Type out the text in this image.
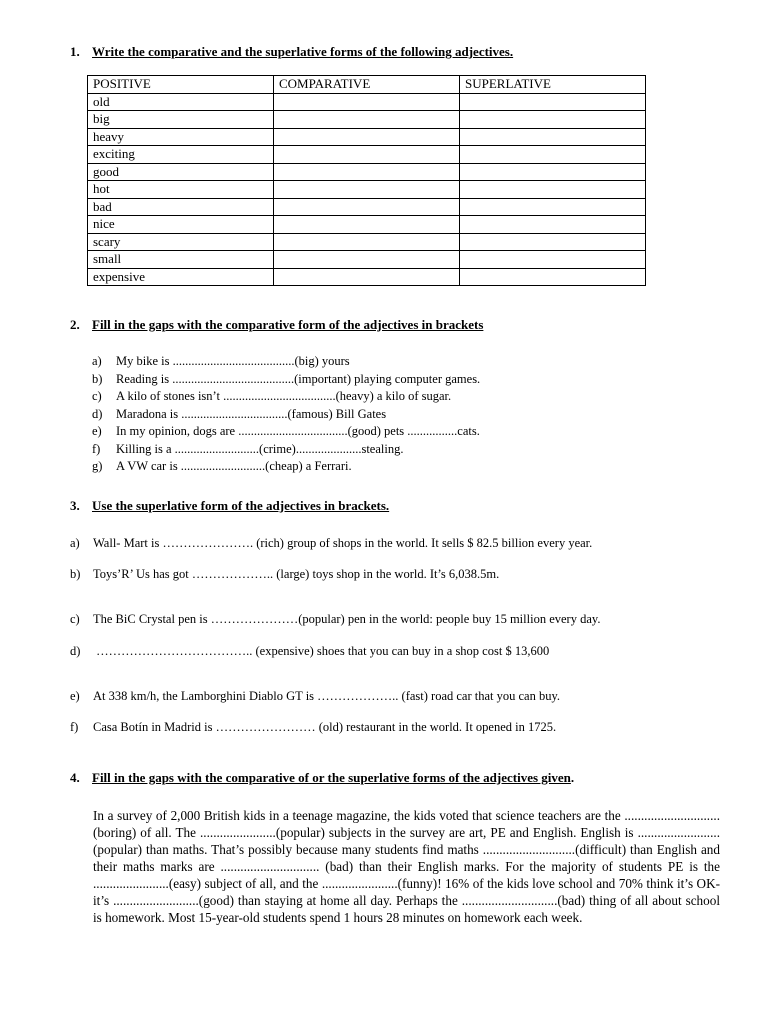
1. Write the comparative and the superlative forms of the following adjectives.
POSITIVE	COMPARATIVE	SUPERLATIVE
old		
big		
heavy		
exciting		
good		
hot		
bad		
nice		
scary		
small		
expensive		
2. Fill in the gaps with the comparative form of the adjectives in brackets
a) My bike is .......................................(big) yours
b) Reading is .......................................(important) playing computer games.
c) A kilo of stones isn’t ....................................(heavy) a kilo of sugar.
d) Maradona is ..................................(famous) Bill Gates
e) In my opinion, dogs are ...................................(good) pets ................cats.
f) Killing is a ...........................(crime).....................stealing.
g) A VW car is ...........................(cheap) a Ferrari.
3. Use the superlative form of the adjectives in brackets.
a) Wall- Mart is …………………. (rich) group of shops in the world. It sells $ 82.5 billion every year.
b) Toys’R’ Us has got ……………….. (large) toys shop in the world. It’s 6,038.5m.
c) The BiC Crystal pen is …………………(popular) pen in the world: people buy 15 million every day.
d) ……………………………….. (expensive) shoes that you can buy in a shop cost $ 13,600
e) At 338 km/h, the Lamborghini Diablo GT is ……………….. (fast) road car that you can buy.
f) Casa Botín in Madrid is …………………… (old) restaurant in the world. It opened in 1725.
4. Fill in the gaps with the comparative of or the superlative forms of the adjectives given.
In a survey of 2,000 British kids in a teenage magazine, the kids voted that science teachers are the .............................(boring) of all. The .......................(popular) subjects in the survey are art, PE and English. English is .........................(popular) than maths. That’s possibly because many students find maths ............................(difficult) than English and their maths marks are .............................. (bad) than their English marks. For the majority of students PE is the .......................(easy) subject of all, and the .......................(funny)! 16% of the kids love school and 70% think it’s OK- it’s ..........................(good) than staying at home all day. Perhaps the .............................(bad) thing of all about school is homework. Most 15-year-old students spend 1 hours 28 minutes on homework each week.
